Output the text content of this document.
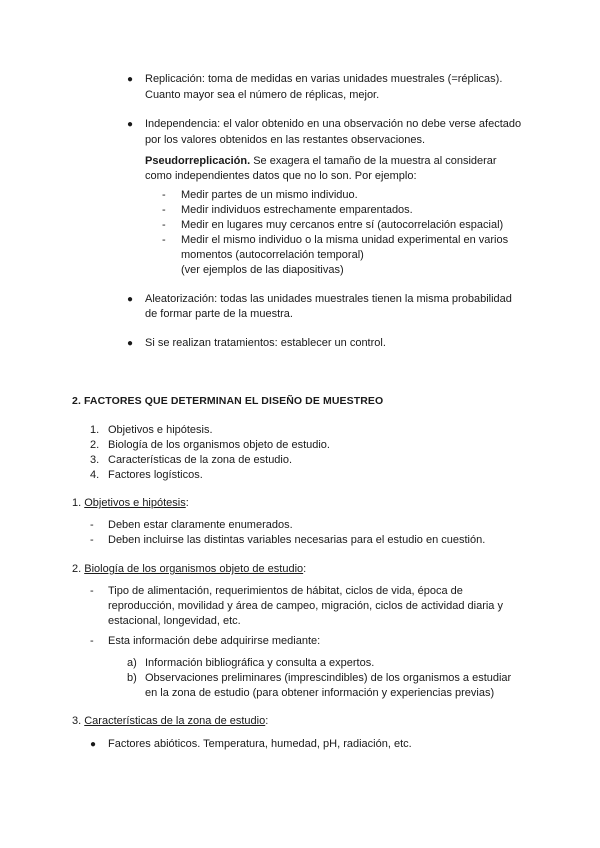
● Replicación: toma de medidas en varias unidades muestrales (=réplicas).
Cuanto mayor sea el número de réplicas, mejor.
● Independencia: el valor obtenido en una observación no debe verse afectado
por los valores obtenidos en las restantes observaciones.
Pseudorreplicación. Se exagera el tamaño de la muestra al considerar
como independientes datos que no lo son. Por ejemplo:
- Medir partes de un mismo individuo.
- Medir individuos estrechamente emparentados.
- Medir en lugares muy cercanos entre sí (autocorrelación espacial)
- Medir el mismo individuo o la misma unidad experimental en varios
momentos (autocorrelación temporal)
(ver ejemplos de las diapositivas)
● Aleatorización: todas las unidades muestrales tienen la misma probabilidad
de formar parte de la muestra.
● Si se realizan tratamientos: establecer un control.
2. FACTORES QUE DETERMINAN EL DISEÑO DE MUESTREO
1. Objetivos e hipótesis.
2. Biología de los organismos objeto de estudio.
3. Características de la zona de estudio.
4. Factores logísticos.
1. Objetivos e hipótesis:
- Deben estar claramente enumerados.
- Deben incluirse las distintas variables necesarias para el estudio en cuestión.
2. Biología de los organismos objeto de estudio:
- Tipo de alimentación, requerimientos de hábitat, ciclos de vida, época de
reproducción, movilidad y área de campeo, migración, ciclos de actividad diaria y
estacional, longevidad, etc.
- Esta información debe adquirirse mediante:
a) Información bibliográfica y consulta a expertos.
b) Observaciones preliminares (imprescindibles) de los organismos a estudiar
en la zona de estudio (para obtener información y experiencias previas)
3. Características de la zona de estudio:
● Factores abióticos. Temperatura, humedad, pH, radiación, etc.
